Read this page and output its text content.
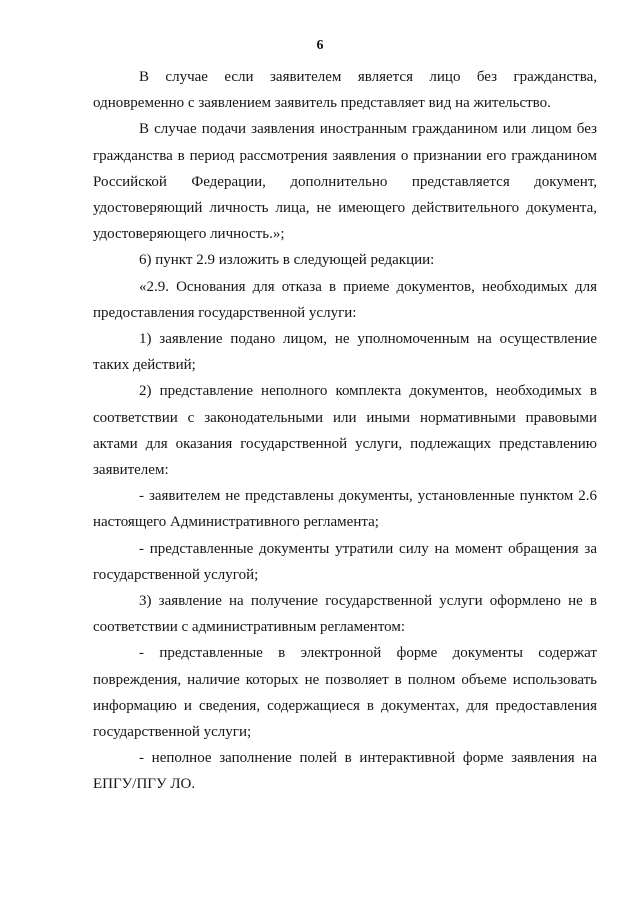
6

В случае если заявителем является лицо без гражданства, одновременно с заявлением заявитель представляет вид на жительство.

В случае подачи заявления иностранным гражданином или лицом без гражданства в период рассмотрения заявления о признании его гражданином Российской Федерации, дополнительно представляется документ, удостоверяющий личность лица, не имеющего действительного документа, удостоверяющего личность.»;

6) пункт 2.9 изложить в следующей редакции:

«2.9. Основания для отказа в приеме документов, необходимых для предоставления государственной услуги:

1) заявление подано лицом, не уполномоченным на осуществление таких действий;

2) представление неполного комплекта документов, необходимых в соответствии с законодательными или иными нормативными правовыми актами для оказания государственной услуги, подлежащих представлению заявителем:

- заявителем не представлены документы, установленные пунктом 2.6 настоящего Административного регламента;

- представленные документы утратили силу на момент обращения за государственной услугой;

3) заявление на получение государственной услуги оформлено не в соответствии с административным регламентом:

- представленные в электронной форме документы содержат повреждения, наличие которых не позволяет в полном объеме использовать информацию и сведения, содержащиеся в документах, для предоставления государственной услуги;

- неполное заполнение полей в интерактивной форме заявления на ЕПГУ/ПГУ ЛО.
